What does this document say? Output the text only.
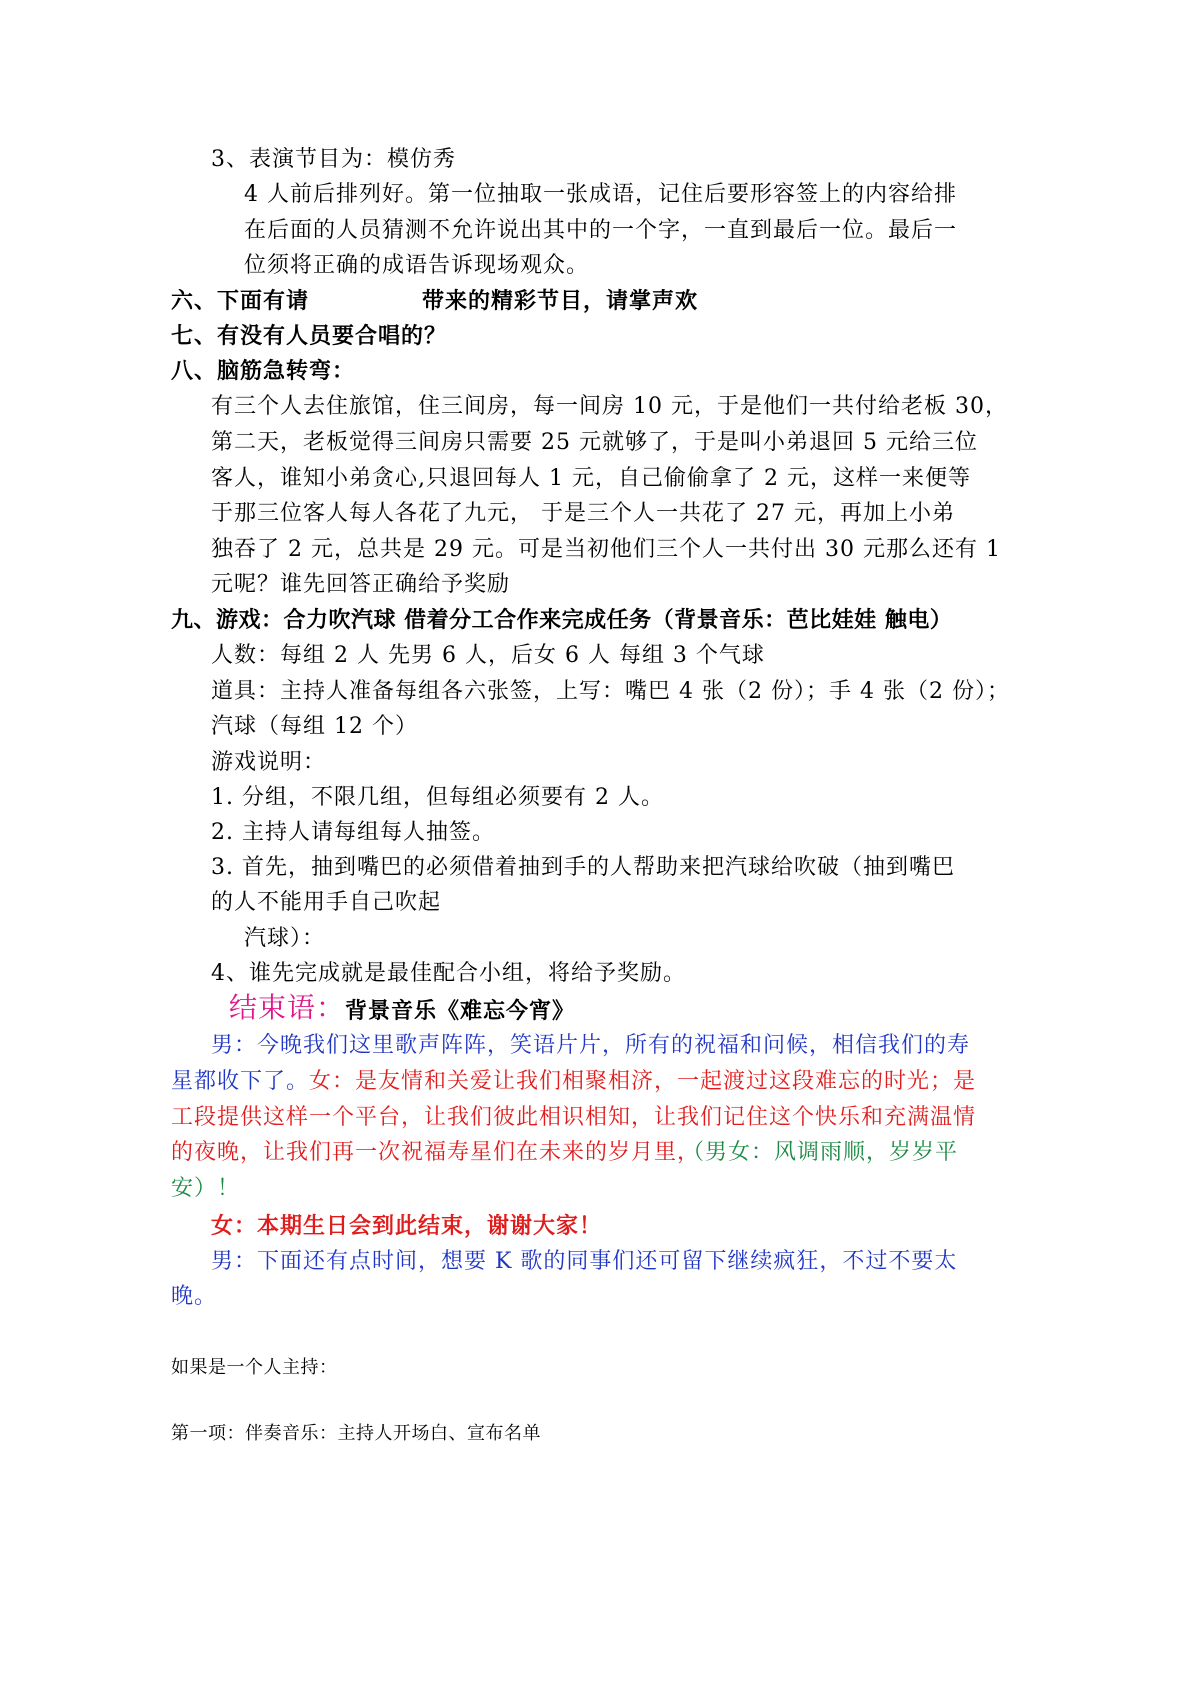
3、表演节目为：模仿秀
4 人前后排列好。第一位抽取一张成语，记住后要形容签上的内容给排
在后面的人员猜测不允许说出其中的一个字，一直到最后一位。最后一
位须将正确的成语告诉现场观众。
六、下面有请	带来的精彩节目，请掌声欢
七、有没有人员要合唱的？
八、脑筋急转弯：
有三个人去住旅馆，住三间房，每一间房 10 元，于是他们一共付给老板 30，
第二天，老板觉得三间房只需要 25 元就够了，于是叫小弟退回 5 元给三位
客人，谁知小弟贪心,只退回每人 1 元，自己偷偷拿了 2 元，这样一来便等
于那三位客人每人各花了九元， 于是三个人一共花了 27 元，再加上小弟
独吞了 2 元，总共是 29 元。可是当初他们三个人一共付出 30 元那么还有 1
元呢？谁先回答正确给予奖励
九、游戏：合力吹汽球 借着分工合作来完成任务（背景音乐：芭比娃娃 触电）
人数：每组 2 人 先男 6 人，后女 6 人 每组 3 个气球
道具：主持人准备每组各六张签，上写：嘴巴 4 张（2 份）；手 4 张（2 份）；
汽球（每组 12 个）
游戏说明：
1. 分组，不限几组，但每组必须要有 2 人。
2. 主持人请每组每人抽签。
3. 首先，抽到嘴巴的必须借着抽到手的人帮助来把汽球给吹破（抽到嘴巴
的人不能用手自己吹起
汽球）：
4、谁先完成就是最佳配合小组，将给予奖励。
结束语： 背景音乐《难忘今宵》
男：今晚我们这里歌声阵阵，笑语片片，所有的祝福和问候，相信我们的寿
星都收下了。 女：是友情和关爱让我们相聚相济，一起渡过这段难忘的时光；是
工段提供这样一个平台，让我们彼此相识相知，让我们记住这个快乐和充满温情
的夜晚，让我们再一次祝福寿星们在未来的岁月里，
（男女：风调雨顺，岁岁平
安）！
女：本期生日会到此结束，谢谢大家！
男：下面还有点时间，想要 K 歌的同事们还可留下继续疯狂，不过不要太
晚。
如果是一个人主持：
第一项：伴奏音乐：主持人开场白、宣布名单
